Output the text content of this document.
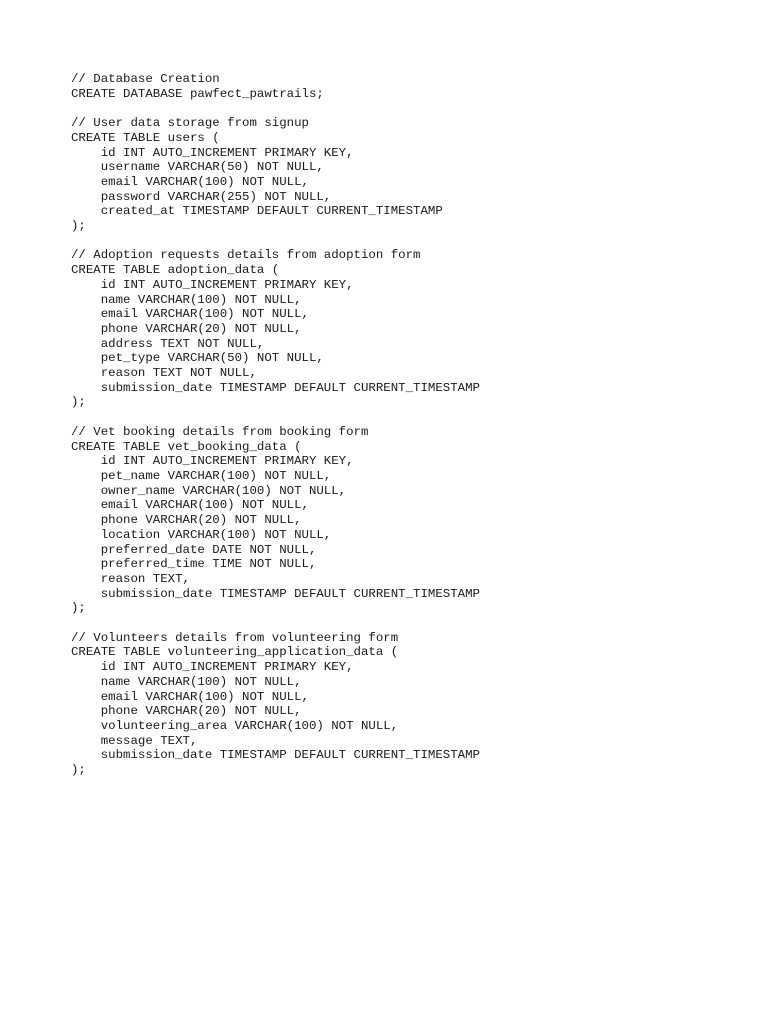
// Database Creation
CREATE DATABASE pawfect_pawtrails;

// User data storage from signup
CREATE TABLE users (
id INT AUTO_INCREMENT PRIMARY KEY,
username VARCHAR(50) NOT NULL,
email VARCHAR(100) NOT NULL,
password VARCHAR(255) NOT NULL,
created_at TIMESTAMP DEFAULT CURRENT_TIMESTAMP
);

// Adoption requests details from adoption form
CREATE TABLE adoption_data (
id INT AUTO_INCREMENT PRIMARY KEY,
name VARCHAR(100) NOT NULL,
email VARCHAR(100) NOT NULL,
phone VARCHAR(20) NOT NULL,
address TEXT NOT NULL,
pet_type VARCHAR(50) NOT NULL,
reason TEXT NOT NULL,
submission_date TIMESTAMP DEFAULT CURRENT_TIMESTAMP
);

// Vet booking details from booking form
CREATE TABLE vet_booking_data (
id INT AUTO_INCREMENT PRIMARY KEY,
pet_name VARCHAR(100) NOT NULL,
owner_name VARCHAR(100) NOT NULL,
email VARCHAR(100) NOT NULL,
phone VARCHAR(20) NOT NULL,
location VARCHAR(100) NOT NULL,
preferred_date DATE NOT NULL,
preferred_time TIME NOT NULL,
reason TEXT,
submission_date TIMESTAMP DEFAULT CURRENT_TIMESTAMP
);

// Volunteers details from volunteering form
CREATE TABLE volunteering_application_data (
id INT AUTO_INCREMENT PRIMARY KEY,
name VARCHAR(100) NOT NULL,
email VARCHAR(100) NOT NULL,
phone VARCHAR(20) NOT NULL,
volunteering_area VARCHAR(100) NOT NULL,
message TEXT,
submission_date TIMESTAMP DEFAULT CURRENT_TIMESTAMP
);
